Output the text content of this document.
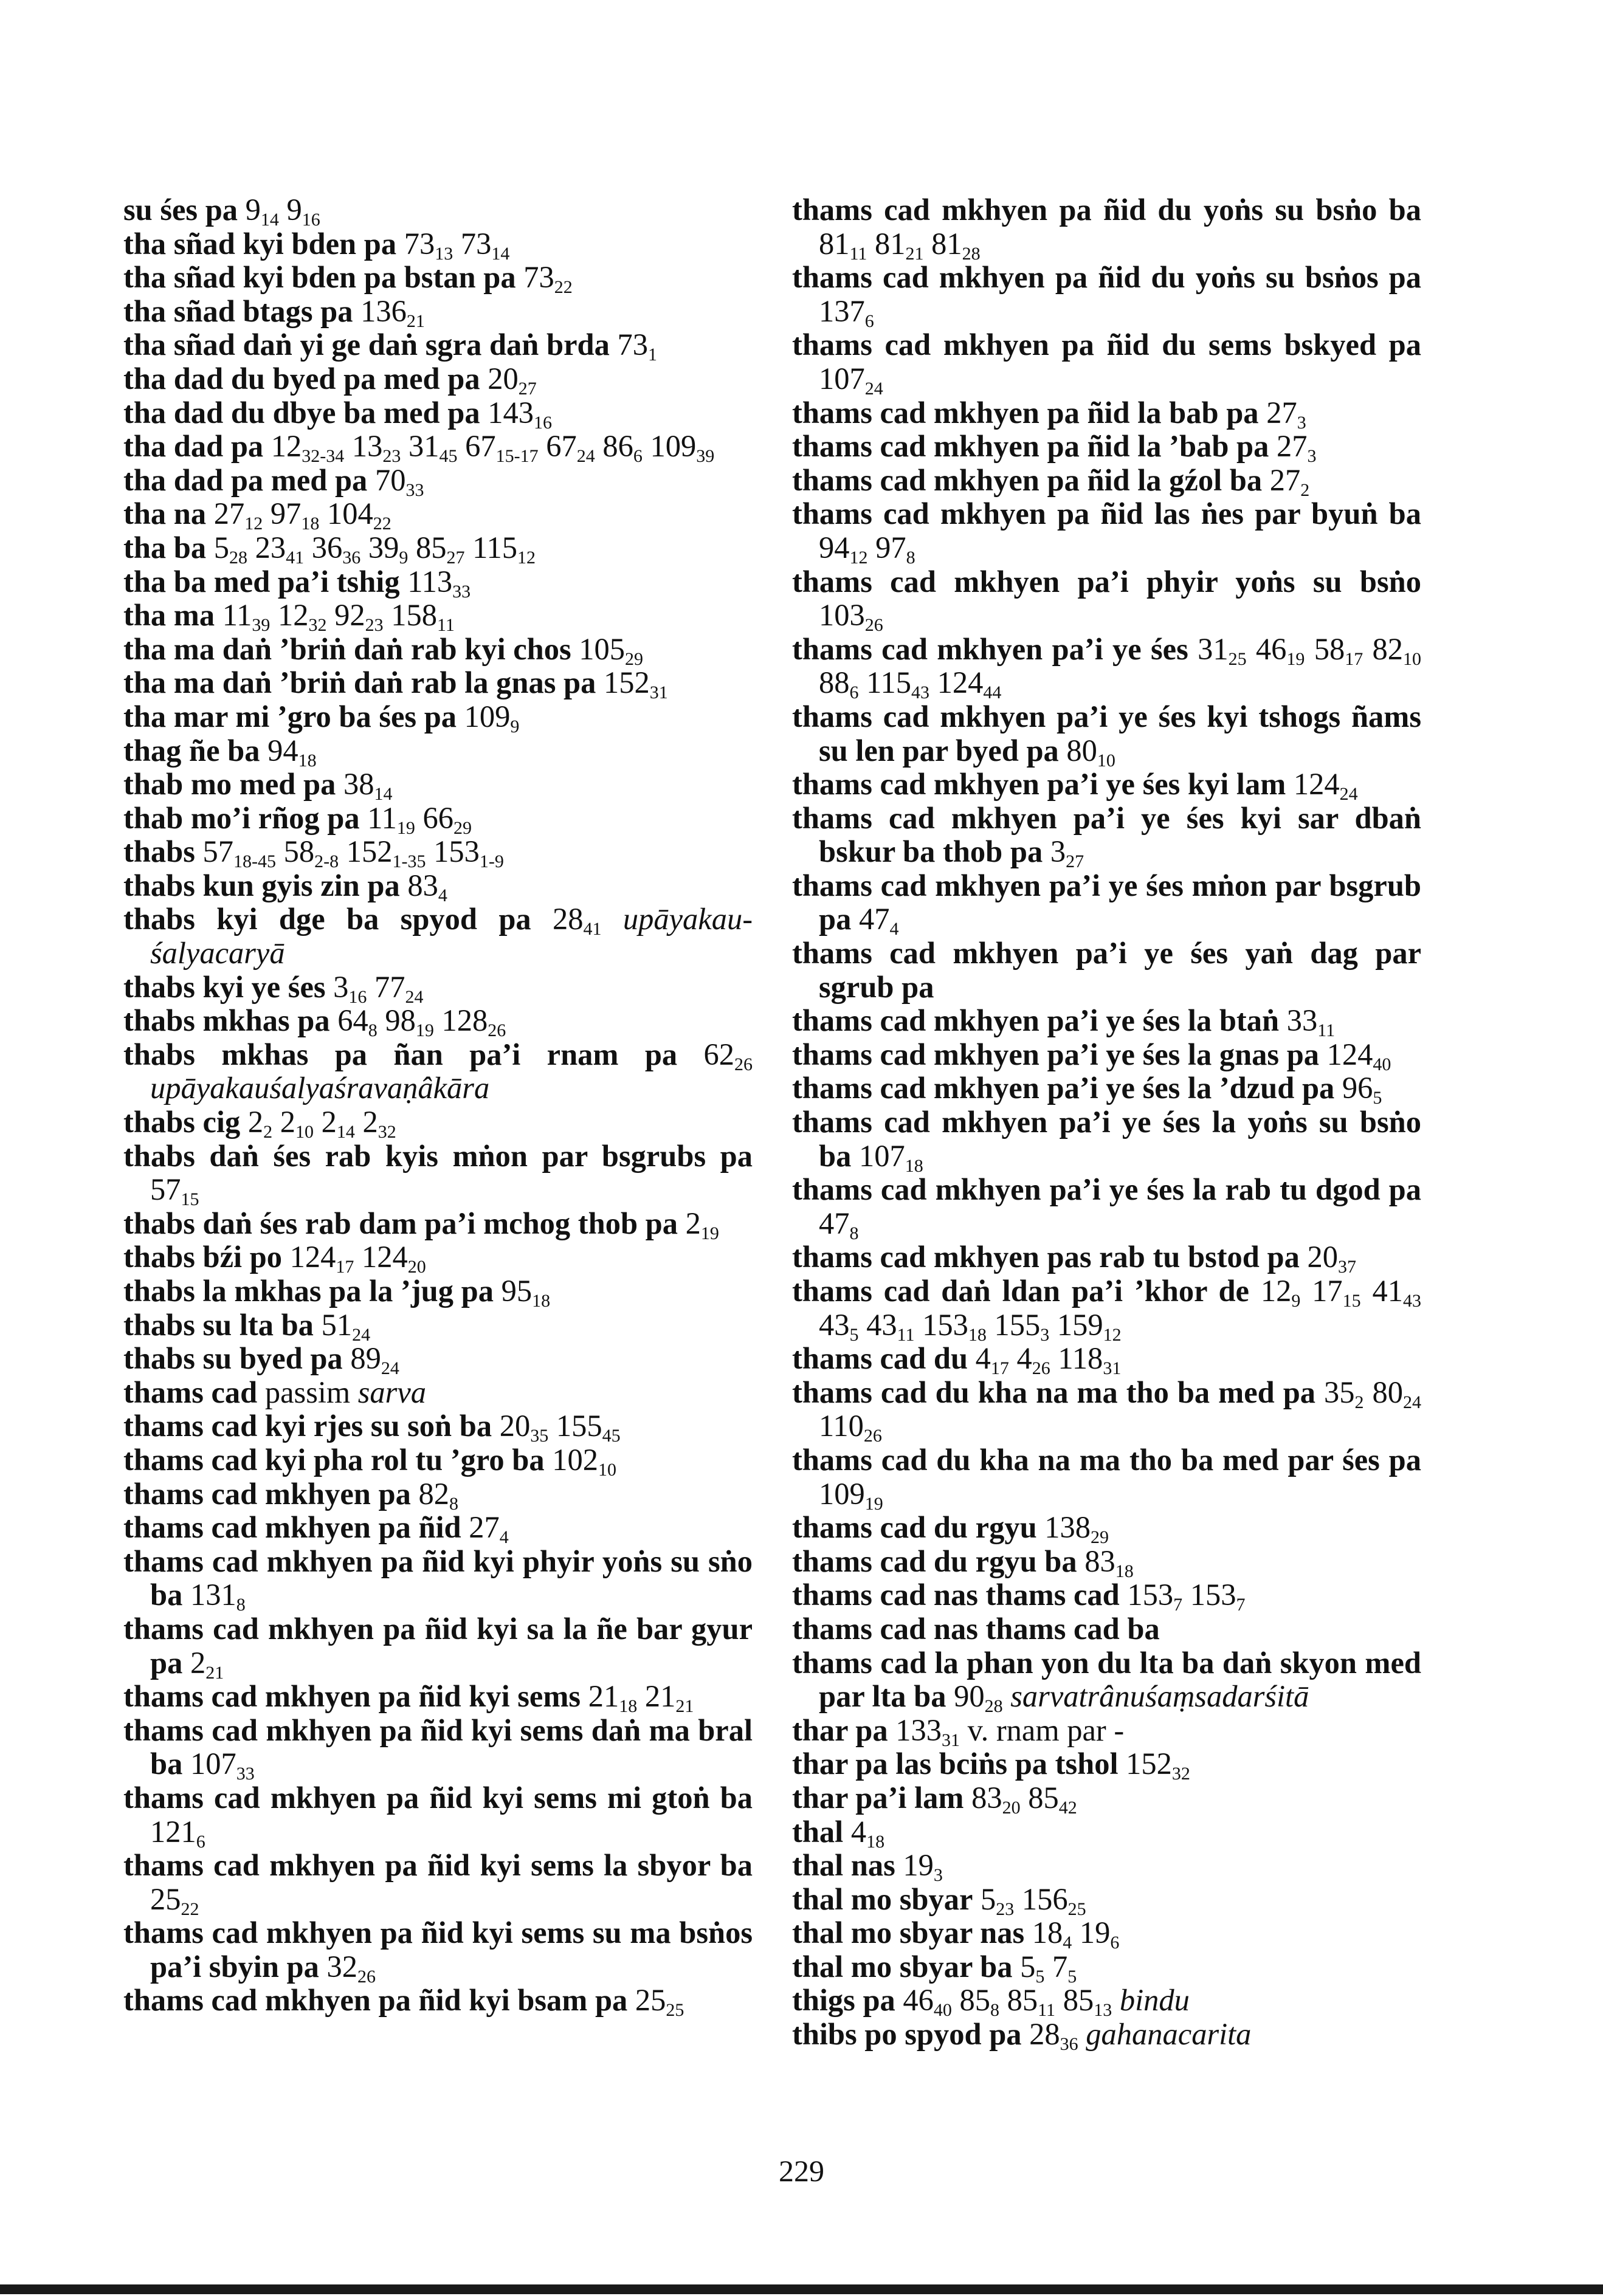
su śes pa $9_{14}$ $9_{16}$

tha sñad kyi bden pa $73_{13}$ $73_{14}$

tha sñad kyi bden pa bstan pa $73_{22}$

tha sñad btags pa $136_{21}$

tha sñad daṅ yi ge daṅ sgra daṅ brda $73_1$

tha dad du byed pa med pa $20_{27}$

tha dad du dbye ba med pa $143_{16}$

tha dad pa $12_{32-34}$ $13_{23}$ $31_{45}$ $67_{15-17}$ $67_{24}$ $86_6$ $109_{39}$

tha dad pa med pa $70_{33}$

tha na $27_{12}$ $97_{18}$ $104_{22}$

tha ba $5_{28}$ $23_{41}$ $36_{36}$ $39_9$ $85_{27}$ $115_{12}$

tha ba med pa’i tshig $113_{33}$

tha ma $11_{39}$ $12_{32}$ $92_{23}$ $158_{11}$

tha ma daṅ ’briṅ daṅ rab kyi chos $105_{29}$

tha ma daṅ ’briṅ daṅ rab la gnas pa $152_{31}$

tha mar mi ’gro ba śes pa $109_9$

thag ñe ba $94_{18}$

thab mo med pa $38_{14}$

thab mo’i rñog pa $11_{19}$ $66_{29}$

thabs $57_{18-45}$ $58_{2-8}$ $152_{1-35}$ $153_{1-9}$

thabs kun gyis zin pa $83_4$

thabs kyi dge ba spyod pa $28_{41}$ upāyakau-śalyacaryā

thabs kyi ye śes $3_{16}$ $77_{24}$

thabs mkhas pa $64_8$ $98_{19}$ $128_{26}$

thabs mkhas pa ñan pa’i rnam pa $62_{26}$ upāyakauśalyaśravaṇâkāra

thabs cig $2_2$ $2_{10}$ $2_{14}$ $2_{32}$

thabs daṅ śes rab kyis mṅon par bsgrubs pa $57_{15}$

thabs daṅ śes rab dam pa’i mchog thob pa $2_{19}$

thabs bźi po $124_{17}$ $124_{20}$

thabs la mkhas pa la ’jug pa $95_{18}$

thabs su lta ba $51_{24}$

thabs su byed pa $89_{24}$

thams cad passim sarva

thams cad kyi rjes su soṅ ba $20_{35}$ $155_{45}$

thams cad kyi pha rol tu ’gro ba $102_{10}$

thams cad mkhyen pa $82_8$

thams cad mkhyen pa ñid $27_4$

thams cad mkhyen pa ñid kyi phyir yoṅs su sṅo ba $131_8$

thams cad mkhyen pa ñid kyi sa la ñe bar gyur pa $2_{21}$

thams cad mkhyen pa ñid kyi sems $21_{18}$ $21_{21}$

thams cad mkhyen pa ñid kyi sems daṅ ma bral ba $107_{33}$

thams cad mkhyen pa ñid kyi sems mi gtoṅ ba $121_6$

thams cad mkhyen pa ñid kyi sems la sbyor ba $25_{22}$

thams cad mkhyen pa ñid kyi sems su ma bsṅos pa’i sbyin pa $32_{26}$

thams cad mkhyen pa ñid kyi bsam pa $25_{25}$

thams cad mkhyen pa ñid du yoṅs su bsṅo ba $81_{11}$ $81_{21}$ $81_{28}$

thams cad mkhyen pa ñid du yoṅs su bsṅos pa $137_6$

thams cad mkhyen pa ñid du sems bskyed pa $107_{24}$

thams cad mkhyen pa ñid la bab pa $27_3$

thams cad mkhyen pa ñid la ’bab pa $27_3$

thams cad mkhyen pa ñid la gźol ba $27_2$

thams cad mkhyen pa ñid las ṅes par byuṅ ba $94_{12}$ $97_8$

thams cad mkhyen pa’i phyir yoṅs su bsṅo $103_{26}$

thams cad mkhyen pa’i ye śes $31_{25}$ $46_{19}$ $58_{17}$ $82_{10}$ $88_6$ $115_{43}$ $124_{44}$

thams cad mkhyen pa’i ye śes kyi tshogs ñams su len par byed pa $80_{10}$

thams cad mkhyen pa’i ye śes kyi lam $124_{24}$

thams cad mkhyen pa’i ye śes kyi sar dbaṅ bskur ba thob pa $3_{27}$

thams cad mkhyen pa’i ye śes mṅon par bsgrub pa $47_4$

thams cad mkhyen pa’i ye śes yaṅ dag par sgrub pa

thams cad mkhyen pa’i ye śes la btaṅ $33_{11}$

thams cad mkhyen pa’i ye śes la gnas pa $124_{40}$

thams cad mkhyen pa’i ye śes la ’dzud pa $96_5$

thams cad mkhyen pa’i ye śes la yoṅs su bsṅo ba $107_{18}$

thams cad mkhyen pa’i ye śes la rab tu dgod pa $47_8$

thams cad mkhyen pas rab tu bstod pa $20_{37}$

thams cad daṅ ldan pa’i ’khor de $12_9$ $17_{15}$ $41_{43}$ $43_5$ $43_{11}$ $153_{18}$ $155_3$ $159_{12}$

thams cad du $4_{17}$ $4_{26}$ $118_{31}$

thams cad du kha na ma tho ba med pa $35_2$ $80_{24}$ $110_{26}$

thams cad du kha na ma tho ba med par śes pa $109_{19}$

thams cad du rgyu $138_{29}$

thams cad du rgyu ba $83_{18}$

thams cad nas thams cad $153_7$ $153_7$

thams cad nas thams cad ba

thams cad la phan yon du lta ba daṅ skyon med par lta ba $90_{28}$ sarvatrânuśaṃsadarśitā

thar pa $133_{31}$ v. rnam par -

thar pa las bciṅs pa tshol $152_{32}$

thar pa’i lam $83_{20}$ $85_{42}$

thal $4_{18}$

thal nas $19_3$

thal mo sbyar $5_{23}$ $156_{25}$

thal mo sbyar nas $18_4$ $19_6$

thal mo sbyar ba $5_5$ $7_5$

thigs pa $46_{40}$ $85_8$ $85_{11}$ $85_{13}$ bindu

thibs po spyod pa $28_{36}$ gahanacarita

229
